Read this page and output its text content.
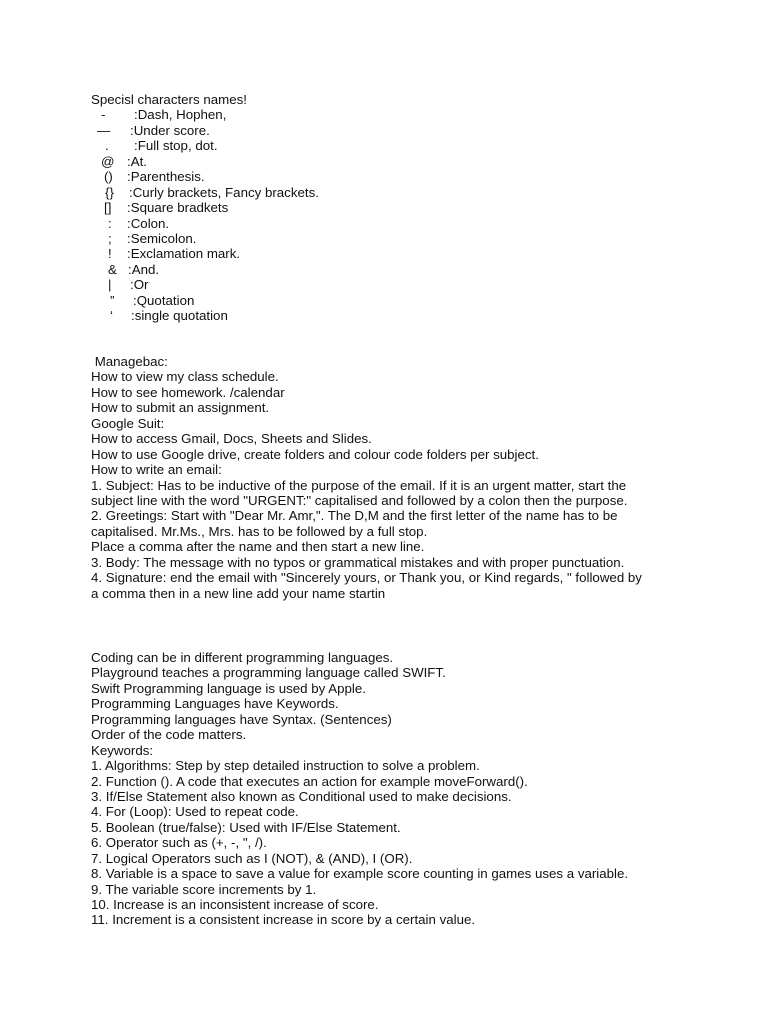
Specisl characters names!
- :Dash, Hophen,
— :Under score.
. :Full stop, dot.
@ :At.
() :Parenthesis.
{} :Curly brackets, Fancy brackets.
[] :Square bradkets
: :Colon.
; :Semicolon.
! :Exclamation mark.
& :And.
| :Or
” :Quotation
‘ :single quotation
Managebac:
How to view my class schedule.
How to see homework. /calendar
How to submit an assignment.
Google Suit:
How to access Gmail, Docs, Sheets and Slides.
How to use Google drive, create folders and colour code folders per subject.
How to write an email:
1. Subject: Has to be inductive of the purpose of the email. If it is an urgent matter, start the
subject line with the word "URGENT:" capitalised and followed by a colon then the purpose.
2. Greetings: Start with "Dear Mr. Amr,". The D,M and the first letter of the name has to be
capitalised. Mr.Ms., Mrs. has to be followed by a full stop.
Place a comma after the name and then start a new line.
3. Body: The message with no typos or grammatical mistakes and with proper punctuation.
4. Signature: end the email with "Sincerely yours, or Thank you, or Kind regards, " followed by
a comma then in a new line add your name startin
Coding can be in different programming languages.
Playground teaches a programming language called SWIFT.
Swift Programming language is used by Apple.
Programming Languages have Keywords.
Programming languages have Syntax. (Sentences)
Order of the code matters.
Keywords:
1. Algorithms: Step by step detailed instruction to solve a problem.
2. Function (). A code that executes an action for example moveForward().
3. If/Else Statement also known as Conditional used to make decisions.
4. For (Loop): Used to repeat code.
5. Boolean (true/false): Used with IF/Else Statement.
6. Operator such as (+, -, ", /).
7. Logical Operators such as I (NOT), & (AND), I (OR).
8. Variable is a space to save a value for example score counting in games uses a variable.
9. The variable score increments by 1.
10. Increase is an inconsistent increase of score.
11. Increment is a consistent increase in score by a certain value.
